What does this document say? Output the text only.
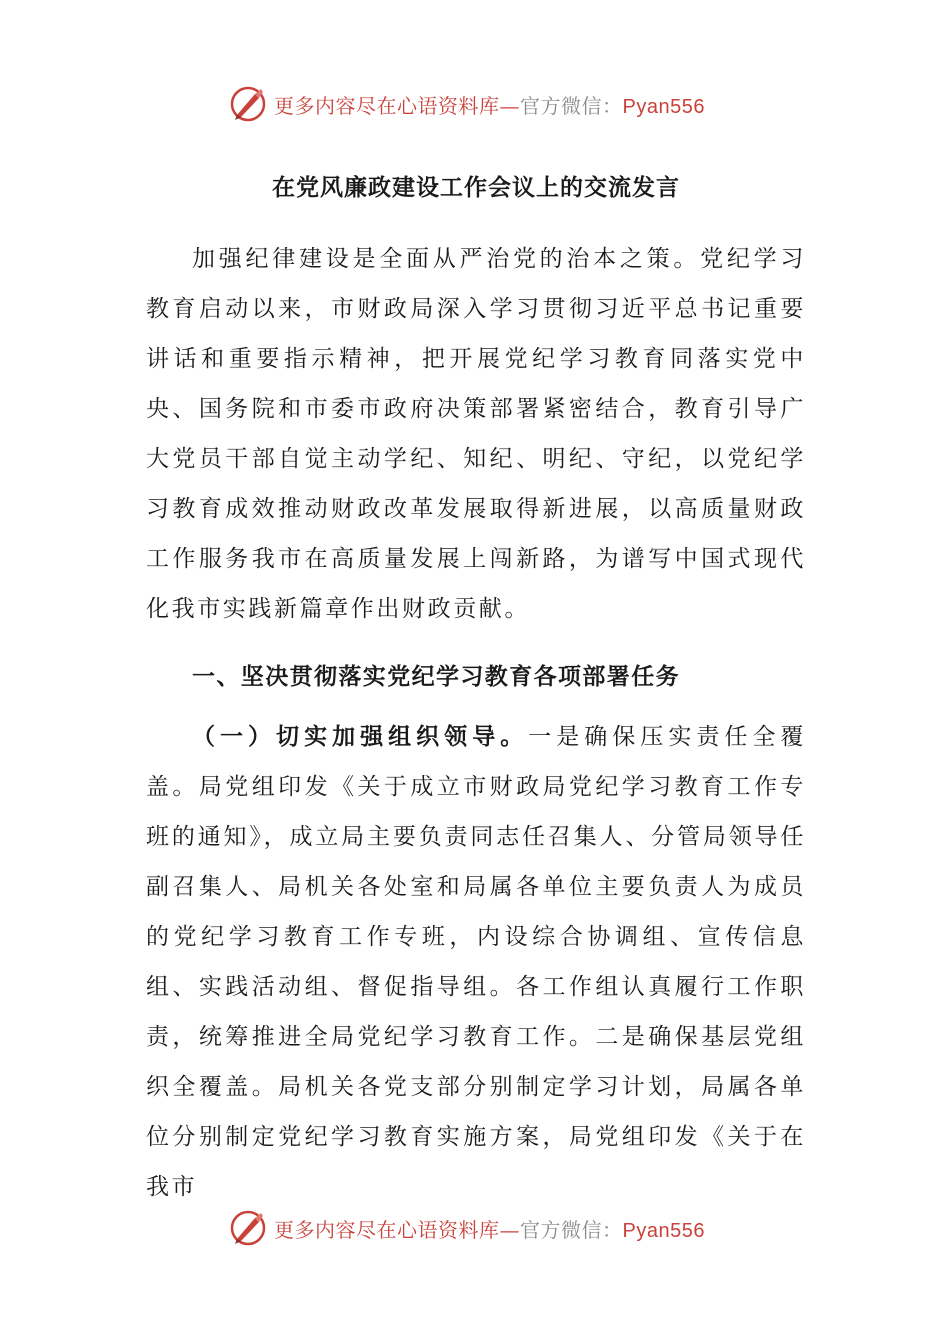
更多内容尽在心语资料库—官方微信：Pyan556
在党风廉政建设工作会议上的交流发言

加强纪律建设是全面从严治党的治本之策。党纪学习教育启动以来，市财政局深入学习贯彻习近平总书记重要讲话和重要指示精神，把开展党纪学习教育同落实党中央、国务院和市委市政府决策部署紧密结合，教育引导广大党员干部自觉主动学纪、知纪、明纪、守纪，以党纪学习教育成效推动财政改革发展取得新进展，以高质量财政工作服务我市在高质量发展上闯新路，为谱写中国式现代化我市实践新篇章作出财政贡献。

一、坚决贯彻落实党纪学习教育各项部署任务

（一）切实加强组织领导。一是确保压实责任全覆盖。局党组印发《关于成立市财政局党纪学习教育工作专班的通知》，成立局主要负责同志任召集人、分管局领导任副召集人、局机关各处室和局属各单位主要负责人为成员的党纪学习教育工作专班，内设综合协调组、宣传信息组、实践活动组、督促指导组。各工作组认真履行工作职责，统筹推进全局党纪学习教育工作。二是确保基层党组织全覆盖。局机关各党支部分别制定学习计划，局属各单位分别制定党纪学习教育实施方案，局党组印发《关于在我市

更多内容尽在心语资料库—官方微信：Pyan556
